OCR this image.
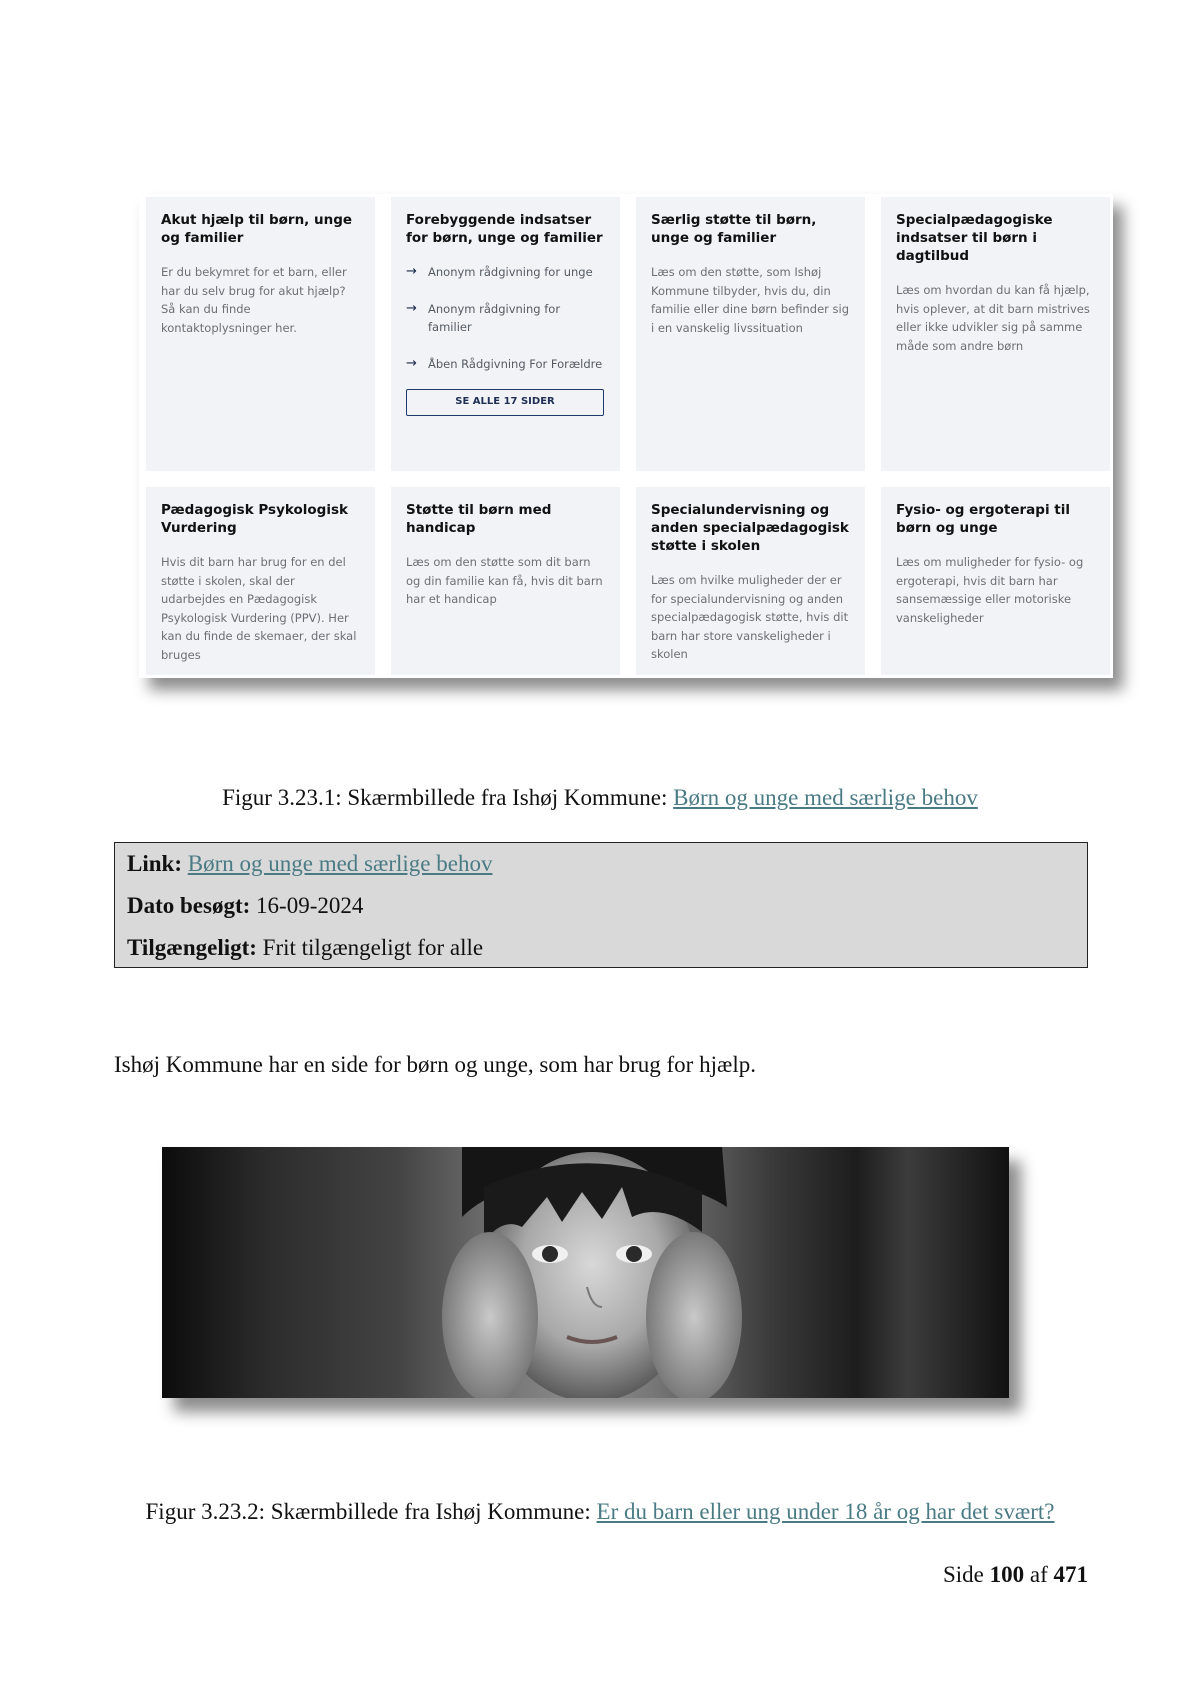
Akut hjælp til børn, unge og familier

Er du bekymret for et barn, eller har du selv brug for akut hjælp? Så kan du finde kontaktoplysninger her.

Forebyggende indsatser for børn, unge og familier

→ Anonym rådgivning for unge
→ Anonym rådgivning for familier
→ Åben Rådgivning For Forældre
SE ALLE 17 SIDER

Særlig støtte til børn, unge og familier

Læs om den støtte, som Ishøj Kommune tilbyder, hvis du, din familie eller dine børn befinder sig i en vanskelig livssituation

Specialpædagogiske indsatser til børn i dagtilbud

Læs om hvordan du kan få hjælp, hvis oplever, at dit barn mistrives eller ikke udvikler sig på samme måde som andre børn

Pædagogisk Psykologisk Vurdering

Hvis dit barn har brug for en del støtte i skolen, skal der udarbejdes en Pædagogisk Psykologisk Vurdering (PPV). Her kan du finde de skemaer, der skal bruges

Støtte til børn med handicap

Læs om den støtte som dit barn og din familie kan få, hvis dit barn har et handicap

Specialundervisning og anden specialpædagogisk støtte i skolen

Læs om hvilke muligheder der er for specialundervisning og anden specialpædagogisk støtte, hvis dit barn har store vanskeligheder i skolen

Fysio- og ergoterapi til børn og unge

Læs om muligheder for fysio- og ergoterapi, hvis dit barn har sansemæssige eller motoriske vanskeligheder

Figur 3.23.1: Skærmbillede fra Ishøj Kommune: Børn og unge med særlige behov
Link: Børn og unge med særlige behov
Dato besøgt: 16-09-2024
Tilgængeligt: Frit tilgængeligt for alle
Ishøj Kommune har en side for børn og unge, som har brug for hjælp.
Figur 3.23.2: Skærmbillede fra Ishøj Kommune: Er du barn eller ung under 18 år og har det svært?
Side 100 af 471
